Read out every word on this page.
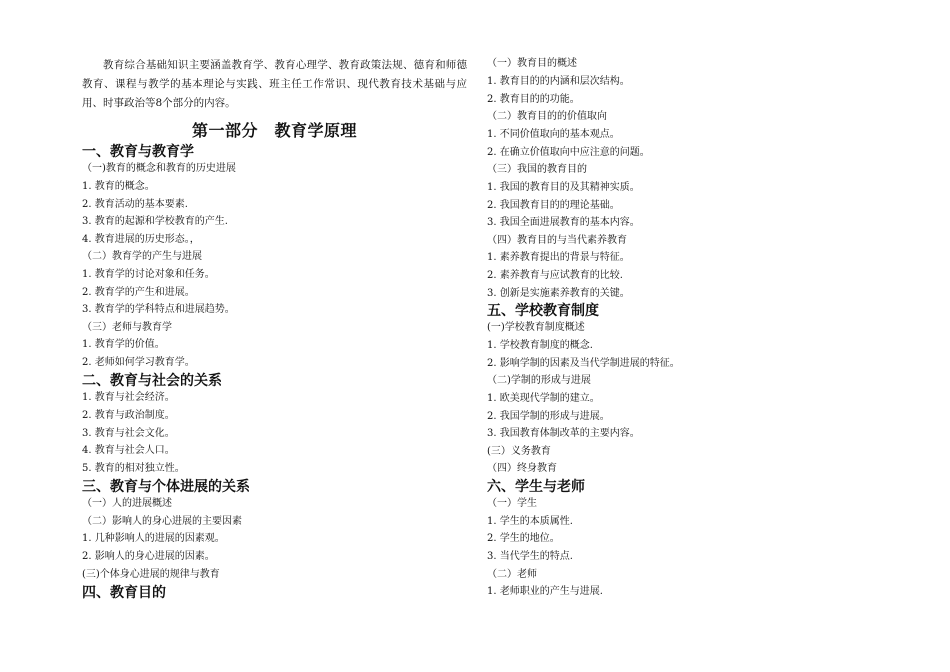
教育综合基础知识主要涵盖教育学、教育心理学、教育政策法规、德育和师德教育、课程与教学的基本理论与实践、班主任工作常识、现代教育技术基础与应用、时事政治等8个部分的内容。
第一部分　教育学原理
一、教育与教育学
（一)教育的概念和教育的历史进展
1. 教育的概念。
2. 教育活动的基本要素.
3. 教育的起源和学校教育的产生.
4. 教育进展的历史形态。，
（二）教育学的产生与进展
1. 教育学的讨论对象和任务。
2. 教育学的产生和进展。
3. 教育学的学科特点和进展趋势。
（三）老师与教育学
1. 教育学的价值。
2. 老师如何学习教育学。
二、教育与社会的关系
1. 教育与社会经济。
2. 教育与政治制度。
3. 教育与社会文化。
4. 教育与社会人口。
5. 教育的相对独立性。
三、教育与个体进展的关系
（一）人的进展概述
（二）影响人的身心进展的主要因素
1. 几种影响人的进展的因素观。
2. 影响人的身心进展的因素。
(三)个体身心进展的规律与教育
四、教育目的
（一）教育目的概述
1. 教育目的的内涵和层次结构。
2. 教育目的的功能。
（二）教育目的的价值取向
1. 不同价值取向的基本观点。
2. 在确立价值取向中应注意的问题。
（三）我国的教育目的
1. 我国的教育目的及其精神实质。
2. 我国教育目的的理论基础。
3. 我国全面进展教育的基本内容。
（四）教育目的与当代素养教育
1. 素养教育提出的背景与特征。
2. 素养教育与应试教育的比较.
3. 创新是实施素养教育的关键。
五、学校教育制度
(一)学校教育制度概述
1. 学校教育制度的概念.
2. 影响学制的因素及当代学制进展的特征。
（二)学制的形成与进展
1. 欧美现代学制的建立。
2. 我国学制的形成与进展。
3. 我国教育体制改革的主要内容。
(三）义务教育
（四）终身教育
六、学生与老师
（一）学生
1. 学生的本质属性.
2. 学生的地位。
3. 当代学生的特点.
（二）老师
1. 老师职业的产生与进展.
